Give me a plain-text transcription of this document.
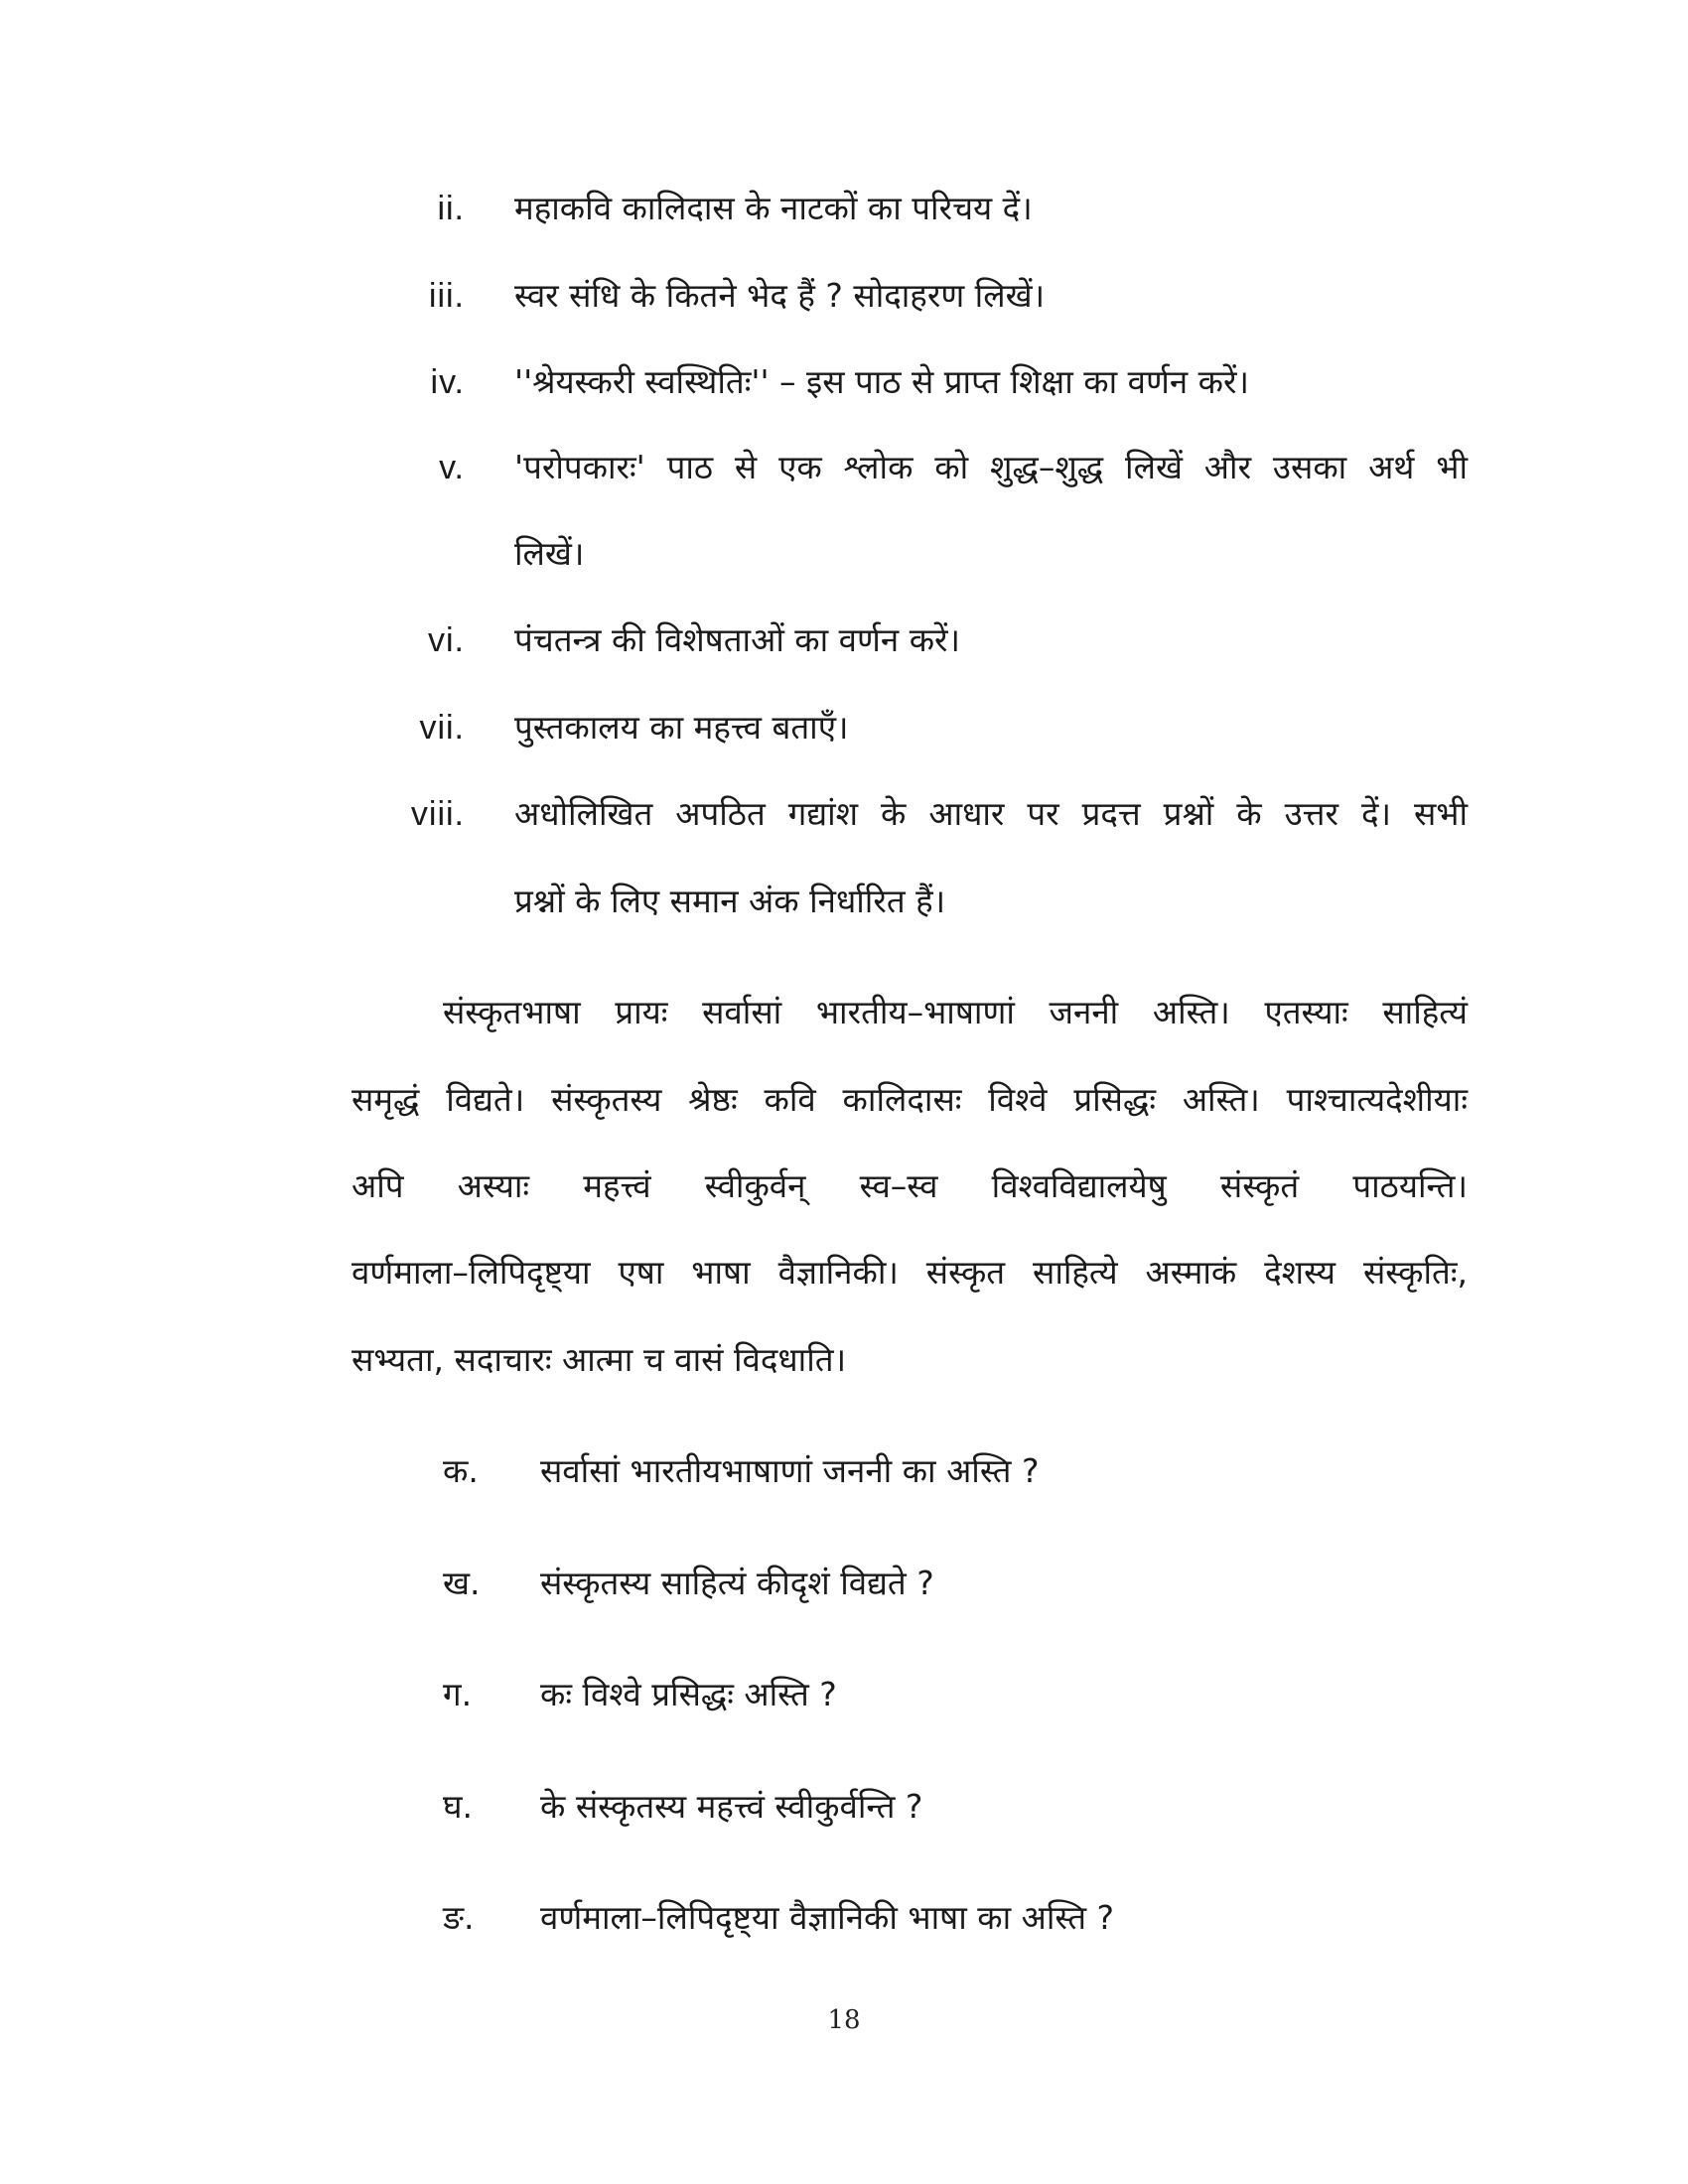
ii. महाकवि कालिदास के नाटकों का परिचय दें।
iii. स्वर संधि के कितने भेद हैं ? सोदाहरण लिखें।
iv. ''श्रेयस्करी स्वस्थितिः'' – इस पाठ से प्राप्त शिक्षा का वर्णन करें।
v. 'परोपकारः' पाठ से एक श्लोक को शुद्ध–शुद्ध लिखें और उसका अर्थ भी
लिखें।
vi. पंचतन्त्र की विशेषताओं का वर्णन करें।
vii. पुस्तकालय का महत्त्व बताएँ।
viii. अधोलिखित अपठित गद्यांश के आधार पर प्रदत्त प्रश्नों के उत्तर दें। सभी
प्रश्नों के लिए समान अंक निर्धारित हैं।
संस्कृतभाषा प्रायः सर्वासां भारतीय–भाषाणां जननी अस्ति। एतस्याः साहित्यं
समृद्धं विद्यते। संस्कृतस्य श्रेष्ठः कवि कालिदासः विश्वे प्रसिद्धः अस्ति। पाश्चात्यदेशीयाः
अपि अस्याः महत्त्वं स्वीकुर्वन् स्व–स्व विश्वविद्यालयेषु संस्कृतं पाठयन्ति।
वर्णमाला–लिपिदृष्ट्या एषा भाषा वैज्ञानिकी। संस्कृत साहित्ये अस्माकं देशस्य संस्कृतिः,
सभ्यता, सदाचारः आत्मा च वासं विदधाति।
क.	सर्वासां भारतीयभाषाणां जननी का अस्ति ?
ख.	संस्कृतस्य साहित्यं कीदृशं विद्यते ?
ग.	कः विश्वे प्रसिद्धः अस्ति ?
घ.	के संस्कृतस्य महत्त्वं स्वीकुर्वन्ति ?
ङ.	वर्णमाला–लिपिदृष्ट्या वैज्ञानिकी भाषा का अस्ति ?
18
